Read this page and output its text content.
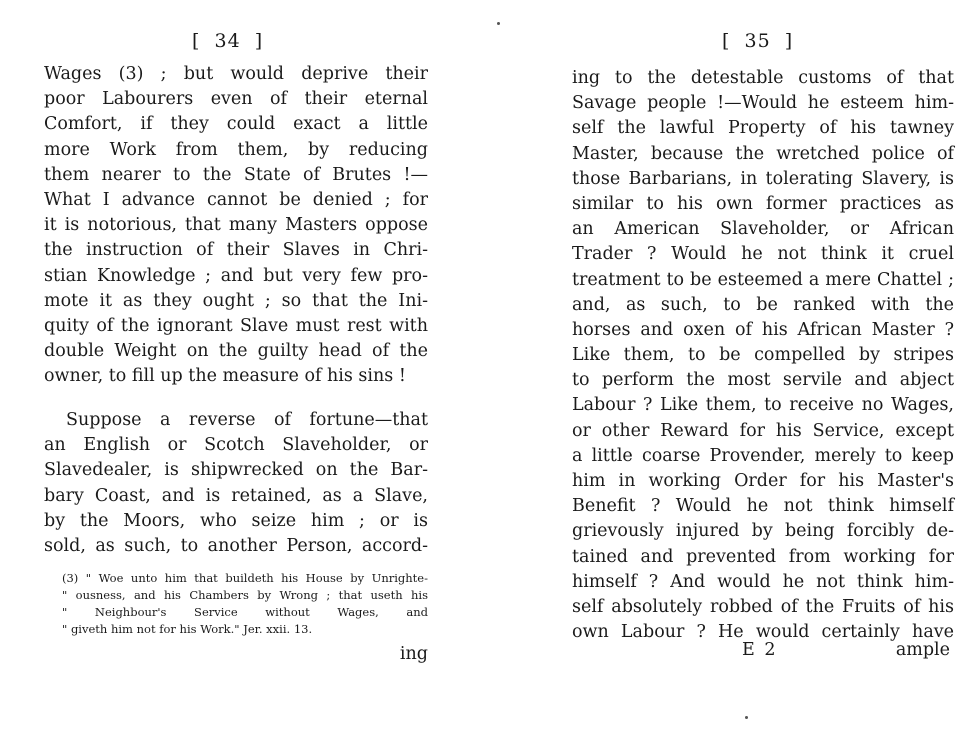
[  34  ]
Wages (3) ; but would deprive their
poor Labourers even of their eternal
Comfort, if they could exact a little
more Work from them, by reducing
them nearer to the State of Brutes !—
What I advance cannot be denied ; for
it is notorious, that many Masters oppose
the instruction of their Slaves in Chri-
stian Knowledge ; and but very few pro-
mote it as they ought ; so that the Ini-
quity of the ignorant Slave must rest with
double Weight on the guilty head of the
owner, to fill up the measure of his sins !
Suppose a reverse of fortune—that
an English or Scotch Slaveholder, or
Slavedealer, is shipwrecked on the Bar-
bary Coast, and is retained, as a Slave,
by the Moors, who seize him ; or is
sold, as such, to another Person, accord-
(3) " Woe unto him that buildeth his House by Unrighte-
" ousness, and his Chambers by Wrong ; that useth his
" Neighbour's Service without Wages, and
" giveth him not for his Work." Jer. xxii. 13.
ing
[  35  ]
ing to the detestable customs of that
Savage people !—Would he esteem him-
self the lawful Property of his tawney
Master, because the wretched police of
those Barbarians, in tolerating Slavery, is
similar to his own former practices as
an American Slaveholder, or African
Trader ? Would he not think it cruel
treatment to be esteemed a mere Chattel ;
and, as such, to be ranked with the
horses and oxen of his African Master ?
Like them, to be compelled by stripes
to perform the most servile and abject
Labour ? Like them, to receive no Wages,
or other Reward for his Service, except
a little coarse Provender, merely to keep
him in working Order for his Master's
Benefit ? Would he not think himself
grievously injured by being forcibly de-
tained and prevented from working for
himself ? And would he not think him-
self absolutely robbed of the Fruits of his
own Labour ? He would certainly have
E 2	ample
